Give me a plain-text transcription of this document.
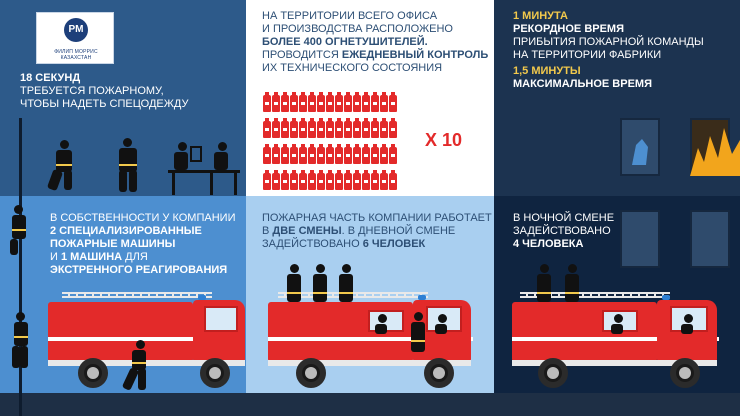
PM
ФИЛИП МОРРИС КАЗАХСТАН
18 СЕКУНД
ТРЕБУЕТСЯ ПОЖАРНОМУ,
ЧТОБЫ НАДЕТЬ СПЕЦОДЕЖДУ
НА ТЕРРИТОРИИ ВСЕГО ОФИСА
И ПРОИЗВОДСТВА РАСПОЛОЖЕНО
БОЛЕЕ 400 ОГНЕТУШИТЕЛЕЙ.
ПРОВОДИТСЯ ЕЖЕДНЕВНЫЙ КОНТРОЛЬ
ИХ ТЕХНИЧЕСКОГО СОСТОЯНИЯ
X 10
1 МИНУТА
РЕКОРДНОЕ ВРЕМЯ
ПРИБЫТИЯ ПОЖАРНОЙ КОМАНДЫ
НА ТЕРРИТОРИИ ФАБРИКИ
1,5 МИНУТЫ
МАКСИМАЛЬНОЕ ВРЕМЯ
В СОБСТВЕННОСТИ У КОМПАНИИ
2 СПЕЦИАЛИЗИРОВАННЫЕ
ПОЖАРНЫЕ МАШИНЫ
И 1 МАШИНА ДЛЯ
ЭКСТРЕННОГО РЕАГИРОВАНИЯ
ПОЖАРНАЯ ЧАСТЬ КОМПАНИИ РАБОТАЕТ
В ДВЕ СМЕНЫ. В ДНЕВНОЙ СМЕНЕ
ЗАДЕЙСТВОВАНО 6 ЧЕЛОВЕК
В НОЧНОЙ СМЕНЕ
ЗАДЕЙСТВОВАНО
4 ЧЕЛОВЕКА
